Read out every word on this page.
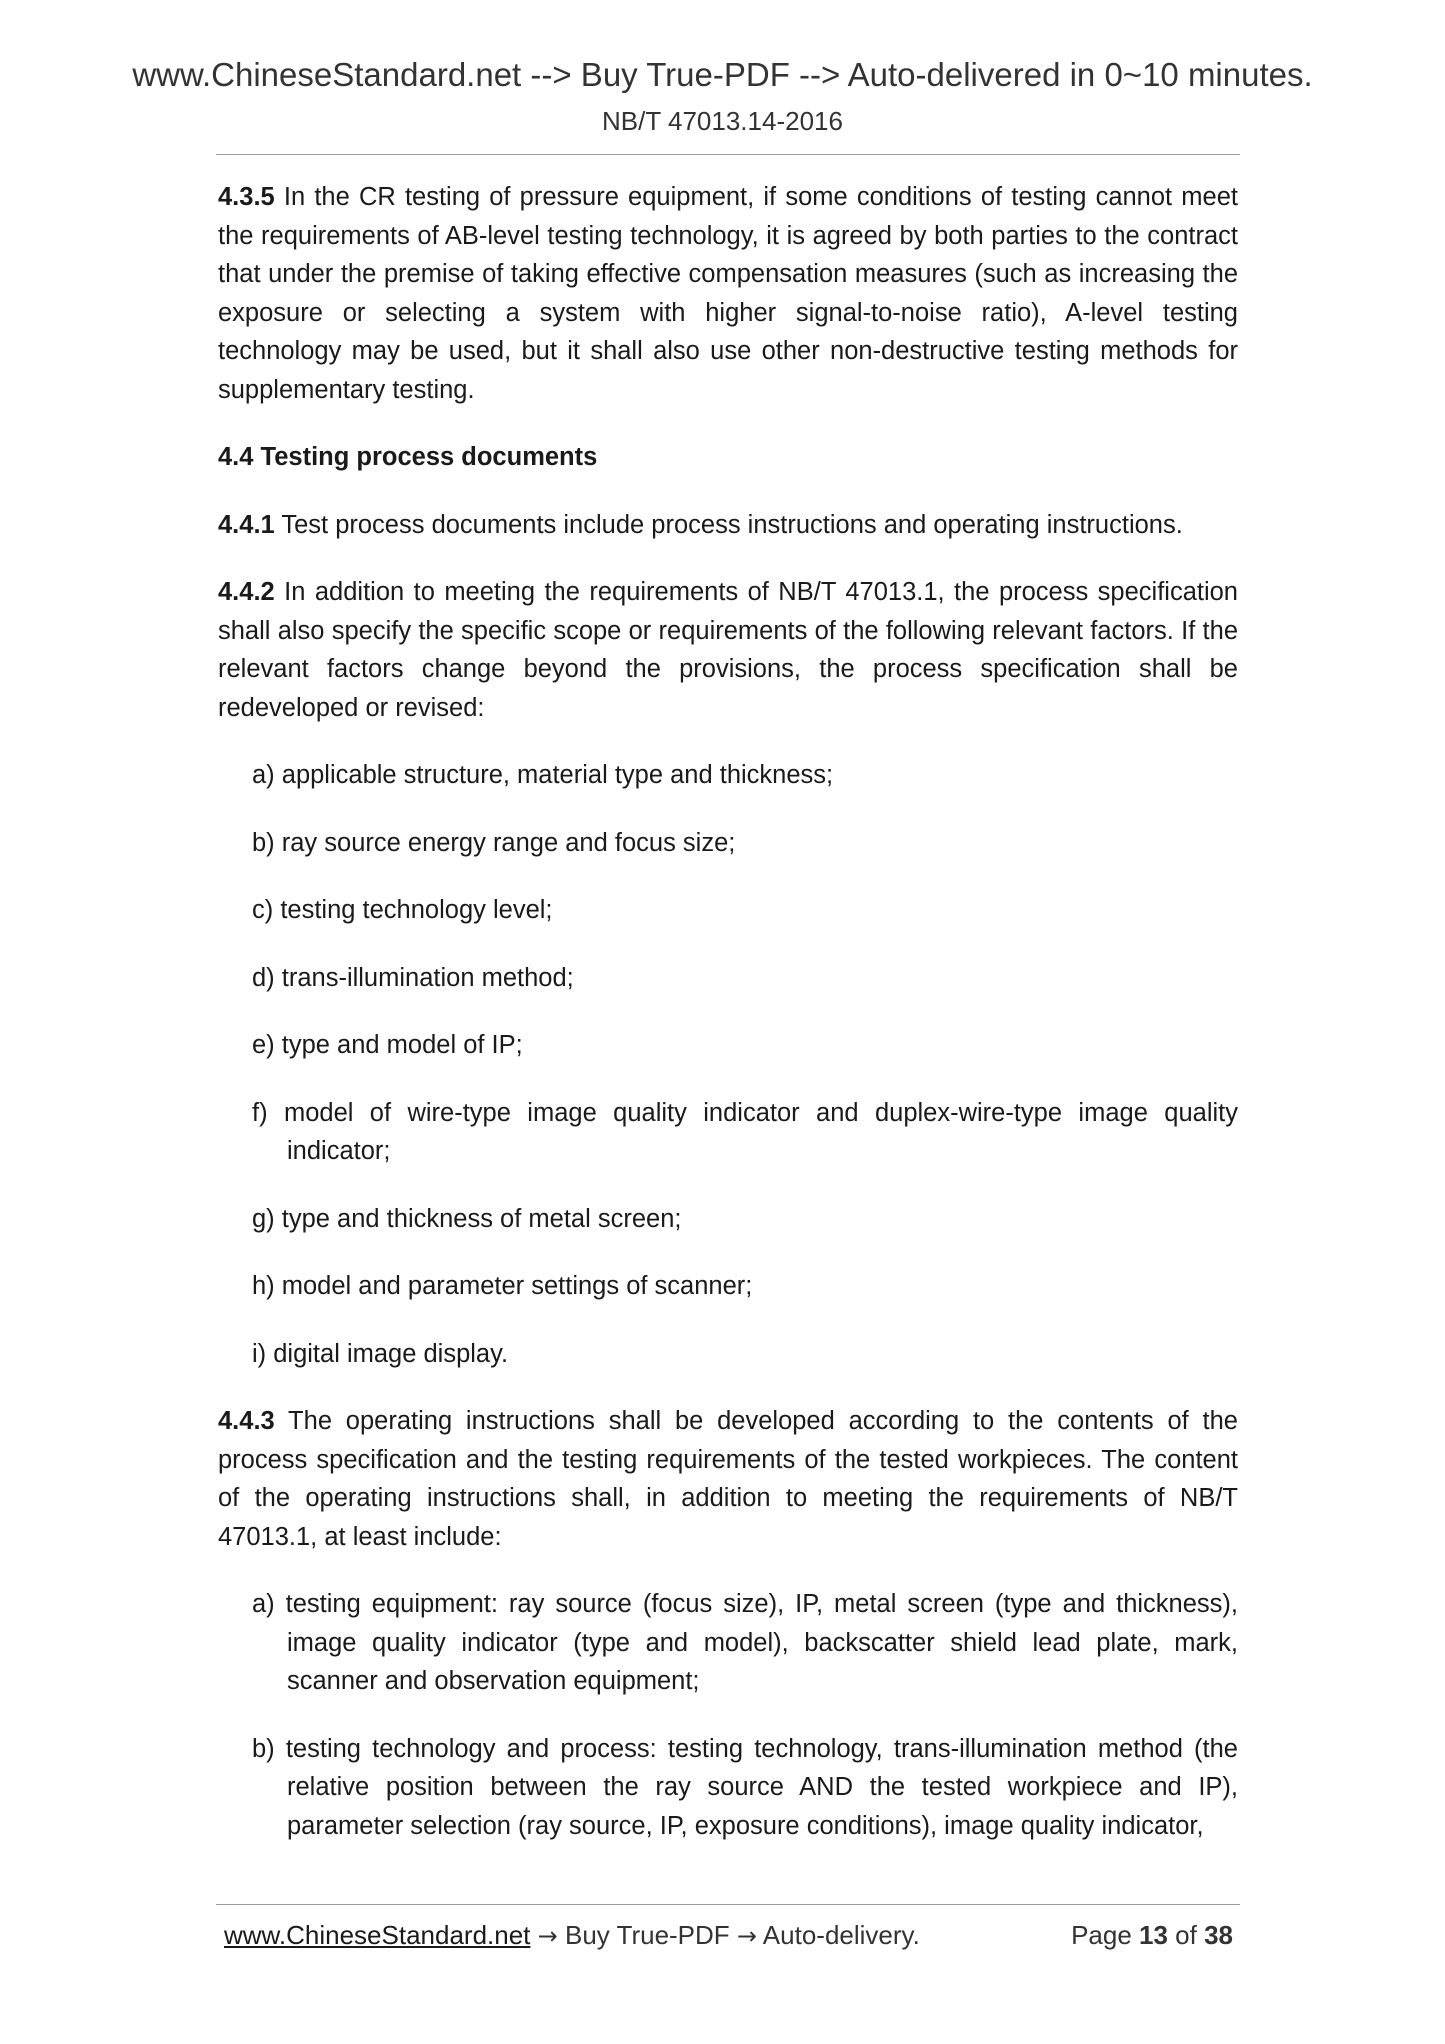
www.ChineseStandard.net --> Buy True-PDF --> Auto-delivered in 0~10 minutes.
NB/T 47013.14-2016

4.3.5 In the CR testing of pressure equipment, if some conditions of testing cannot meet the requirements of AB-level testing technology, it is agreed by both parties to the contract that under the premise of taking effective compensation measures (such as increasing the exposure or selecting a system with higher signal-to-noise ratio), A-level testing technology may be used, but it shall also use other non-destructive testing methods for supplementary testing.

4.4 Testing process documents

4.4.1 Test process documents include process instructions and operating instructions.

4.4.2 In addition to meeting the requirements of NB/T 47013.1, the process specification shall also specify the specific scope or requirements of the following relevant factors. If the relevant factors change beyond the provisions, the process specification shall be redeveloped or revised:

a) applicable structure, material type and thickness;

b) ray source energy range and focus size;

c) testing technology level;

d) trans-illumination method;

e) type and model of IP;

f) model of wire-type image quality indicator and duplex-wire-type image quality indicator;

g) type and thickness of metal screen;

h) model and parameter settings of scanner;

i) digital image display.

4.4.3 The operating instructions shall be developed according to the contents of the process specification and the testing requirements of the tested workpieces. The content of the operating instructions shall, in addition to meeting the requirements of NB/T 47013.1, at least include:

a) testing equipment: ray source (focus size), IP, metal screen (type and thickness), image quality indicator (type and model), backscatter shield lead plate, mark, scanner and observation equipment;

b) testing technology and process: testing technology, trans-illumination method (the relative position between the ray source AND the tested workpiece and IP), parameter selection (ray source, IP, exposure conditions), image quality indicator,

www.ChineseStandard.net → Buy True-PDF → Auto-delivery.	Page 13 of 38
